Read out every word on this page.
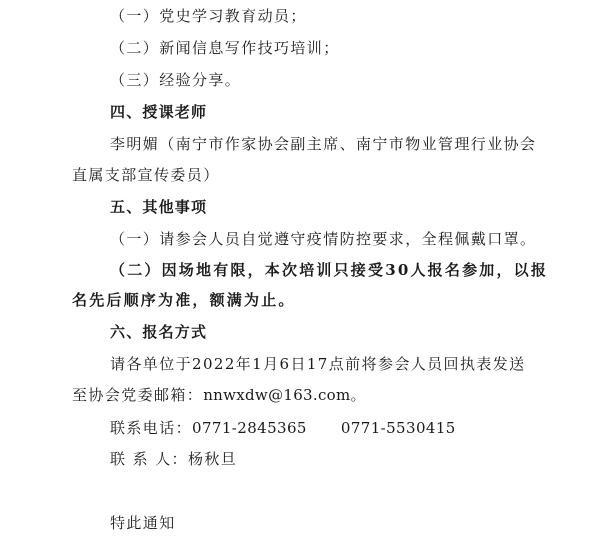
（一）党史学习教育动员；
（二）新闻信息写作技巧培训；
（三）经验分享。
四、授课老师
李明媚（南宁市作家协会副主席、南宁市物业管理行业协会
直属支部宣传委员）
五、其他事项
（一）请参会人员自觉遵守疫情防控要求，全程佩戴口罩。
（二）因场地有限，本次培训只接受30人报名参加，以报
名先后顺序为准，额满为止。
六、报名方式
请各单位于2022年1月6日17点前将参会人员回执表发送
至协会党委邮箱：nnwxdw@163.com。
联系电话：0771-2845365 0771-5530415
联 系 人：杨秋旦
特此通知
